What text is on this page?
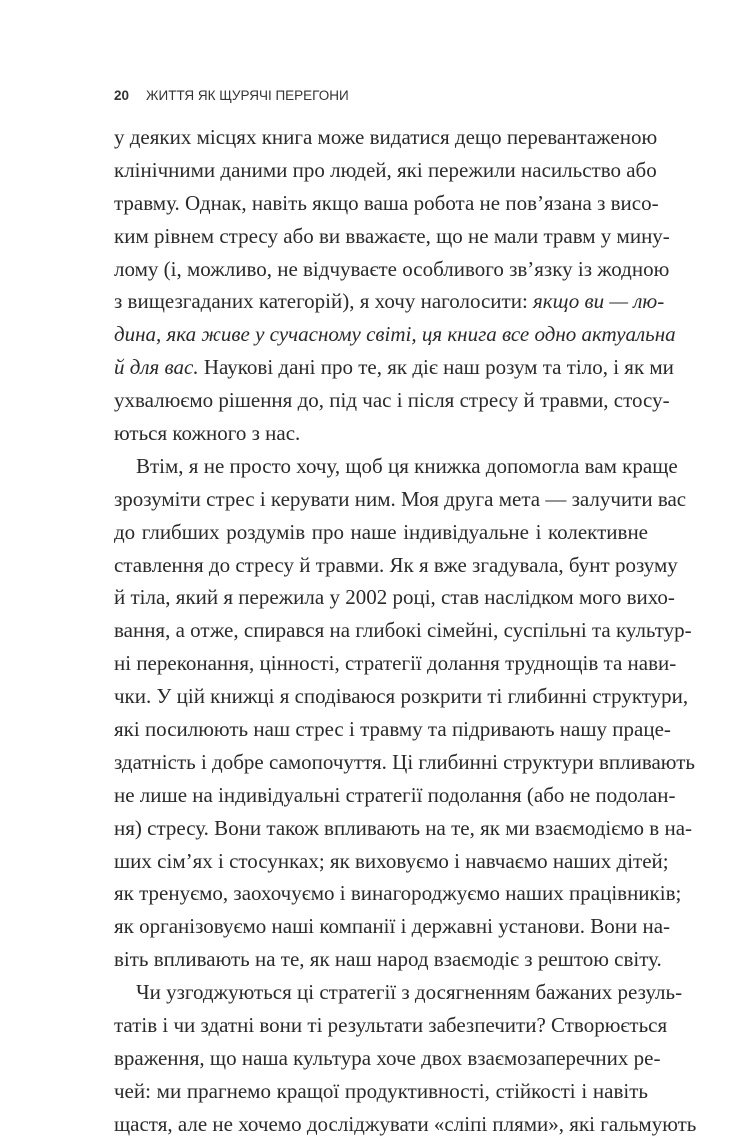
20 ЖИТТЯ ЯК ЩУРЯЧІ ПЕРЕГОНИ
у деяких місцях книга може видатися дещо перевантаженою
клінічними даними про людей, які пережили насильство або
травму. Однак, навіть якщо ваша робота не пов’язана з висо-
ким рівнем стресу або ви вважаєте, що не мали травм у мину-
лому (і, можливо, не відчуваєте особливого зв’язку із жодною
з вищезгаданих категорій), я хочу наголосити: якщо ви — лю-
дина, яка живе у сучасному світі, ця книга все одно актуальна
й для вас. Наукові дані про те, як діє наш розум та тіло, і як ми
ухвалюємо рішення до, під час і після стресу й травми, стосу-
ються кожного з нас.
Втім, я не просто хочу, щоб ця книжка допомогла вам краще
зрозуміти стрес і керувати ним. Моя друга мета — залучити вас
до глибших роздумів про наше індивідуальне і колективне
ставлення до стресу й травми. Як я вже згадувала, бунт розуму
й тіла, який я пережила у 2002 році, став наслідком мого вихо-
вання, а отже, спирався на глибокі сімейні, суспільні та культур-
ні переконання, цінності, стратегії долання труднощів та нави-
чки. У цій книжці я сподіваюся розкрити ті глибинні структури,
які посилюють наш стрес і травму та підривають нашу праце-
здатність і добре самопочуття. Ці глибинні структури впливають
не лише на індивідуальні стратегії подолання (або не подолан-
ня) стресу. Вони також впливають на те, як ми взаємодіємо в на-
ших сім’ях і стосунках; як виховуємо і навчаємо наших дітей;
як тренуємо, заохочуємо і винагороджуємо наших працівників;
як організовуємо наші компанії і державні установи. Вони на-
віть впливають на те, як наш народ взаємодіє з рештою світу.
Чи узгоджуються ці стратегії з досягненням бажаних резуль-
татів і чи здатні вони ті результати забезпечити? Створюється
враження, що наша культура хоче двох взаємозаперечних ре-
чей: ми прагнемо кращої продуктивності, стійкості і навіть
щастя, але не хочемо досліджувати «сліпі плями», які гальмують
